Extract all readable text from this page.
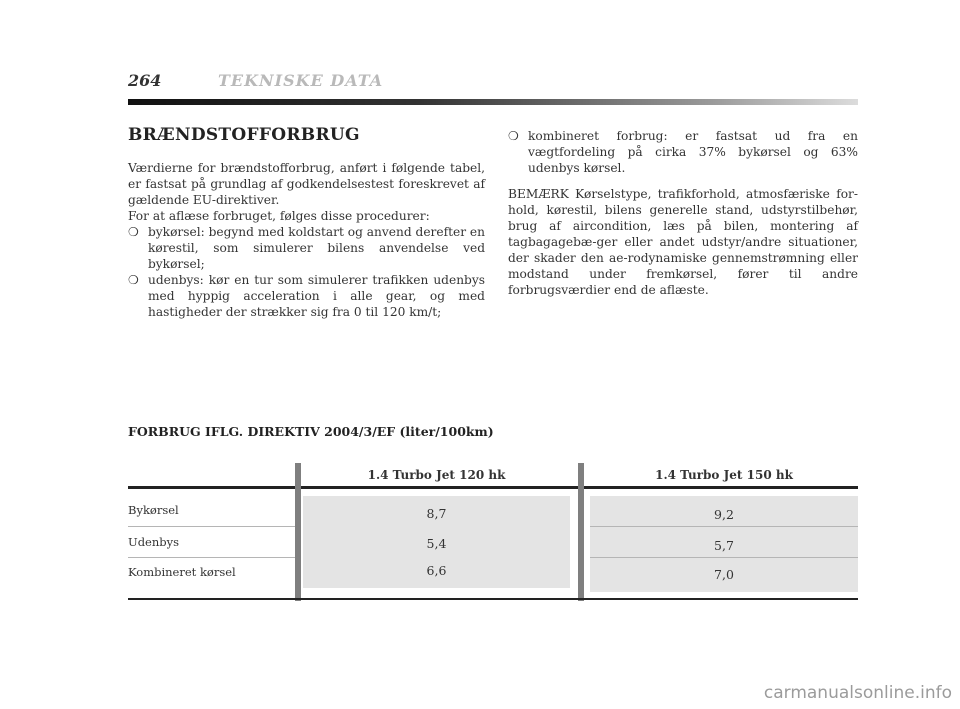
264	TEKNISKE DATA
BRÆNDSTOFFORBRUG
Værdierne for brændstofforbrug, anført i følgende tabel, er fastsat på grundlag af godkendelsestest foreskrevet af gældende EU-direktiver.
For at aflæse forbruget, følges disse procedurer:
❍ bykørsel: begynd med koldstart og anvend derefter en kørestil, som simulerer bilens anvendelse ved bykørsel;
❍ udenbys: kør en tur som simulerer trafikken udenbys med hyppig acceleration i alle gear, og med hastigheder der strækker sig fra 0 til 120 km/t;
❍ kombineret forbrug: er fastsat ud fra en vægtfordeling på cirka 37% bykørsel og 63% udenbys kørsel.
BEMÆRK Kørselstype, trafikforhold, atmosfæriske for-hold, kørestil, bilens generelle stand, udstyrstilbehør, brug af aircondition, læs på bilen, montering af tagbagagebæ-ger eller andet udstyr/andre situationer, der skader den ae-rodynamiske gennemstrømning eller modstand under fremkørsel, fører til andre forbrugsværdier end de aflæste.
FORBRUG IFLG. DIREKTIV 2004/3/EF (liter/100km)
1.4 Turbo Jet 120 hk	1.4 Turbo Jet 150 hk
Bykørsel
Udenbys
Kombineret kørsel
8,7
5,4
6,6
9,2
5,7
7,0
carmanualsonline.info
